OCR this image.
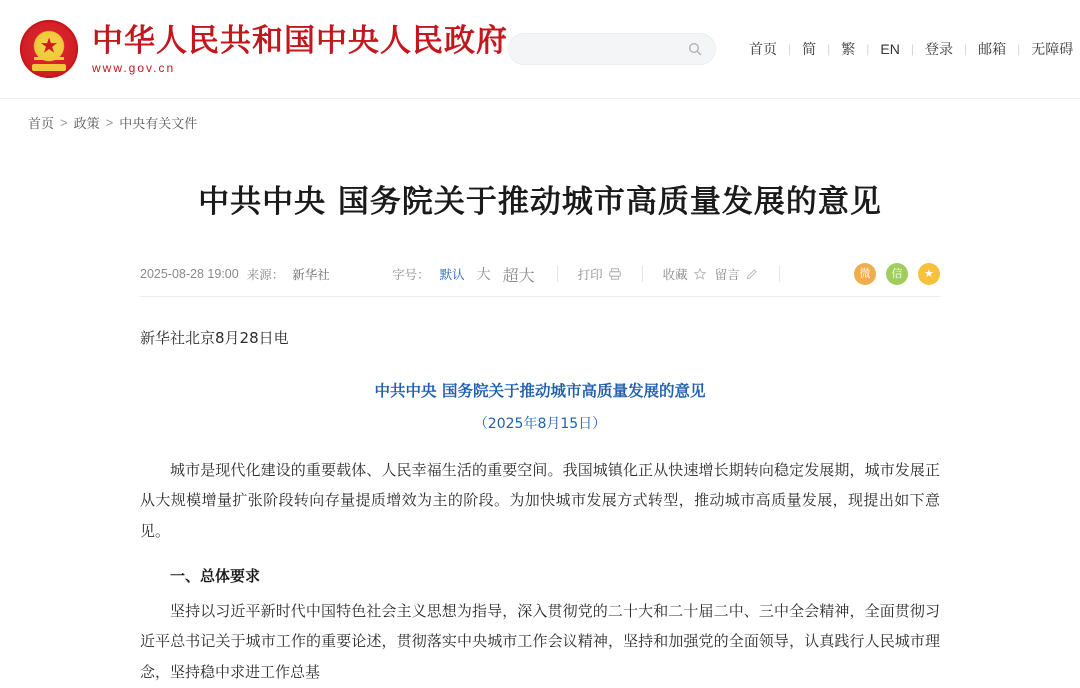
★
中华人民共和国中央人民政府
www.gov.cn
首页 | 简 | 繁 | EN | 登录 | 邮箱 | 无障碍
首页 > 政策 > 中央有关文件
中共中央 国务院关于推动城市高质量发展的意见
2025-08-28 19:00 来源： 新华社	字号： 默认 大 超大	打印	收藏 留言	微	信	★

新华社北京8月28日电

中共中央 国务院关于推动城市高质量发展的意见

（2025年8月15日）

城市是现代化建设的重要载体、人民幸福生活的重要空间。我国城镇化正从快速增长期转向稳定发展期，城市发展正从大规模增量扩张阶段转向存量提质增效为主的阶段。为加快城市发展方式转型，推动城市高质量发展，现提出如下意见。

一、总体要求

坚持以习近平新时代中国特色社会主义思想为指导，深入贯彻党的二十大和二十届二中、三中全会精神，全面贯彻习近平总书记关于城市工作的重要论述，贯彻落实中央城市工作会议精神，坚持和加强党的全面领导，认真践行人民城市理念，坚持稳中求进工作总基
